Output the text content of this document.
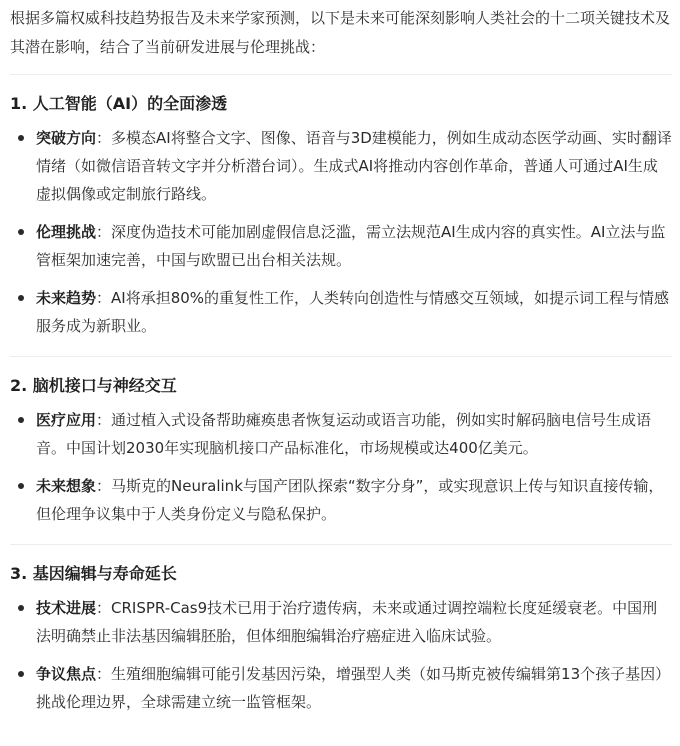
根据多篇权威科技趋势报告及未来学家预测，以下是未来可能深刻影响人类社会的十二项关键技术及其潜在影响，结合了当前研发进展与伦理挑战：

1. 人工智能（AI）的全面渗透
突破方向：多模态AI将整合文字、图像、语音与3D建模能力，例如生成动态医学动画、实时翻译情绪（如微信语音转文字并分析潜台词）。生成式AI将推动内容创作革命，普通人可通过AI生成虚拟偶像或定制旅行路线。
伦理挑战：深度伪造技术可能加剧虚假信息泛滥，需立法规范AI生成内容的真实性。AI立法与监管框架加速完善，中国与欧盟已出台相关法规。
未来趋势：AI将承担80%的重复性工作，人类转向创造性与情感交互领域，如提示词工程与情感服务成为新职业。
2. 脑机接口与神经交互
医疗应用：通过植入式设备帮助瘫痪患者恢复运动或语言功能，例如实时解码脑电信号生成语音。中国计划2030年实现脑机接口产品标准化，市场规模或达400亿美元。
未来想象：马斯克的Neuralink与国产团队探索“数字分身”，或实现意识上传与知识直接传输，但伦理争议集中于人类身份定义与隐私保护。
3. 基因编辑与寿命延长
技术进展：CRISPR-Cas9技术已用于治疗遗传病，未来或通过调控端粒长度延缓衰老。中国刑法明确禁止非法基因编辑胚胎，但体细胞编辑治疗癌症进入临床试验。
争议焦点：生殖细胞编辑可能引发基因污染，增强型人类（如马斯克被传编辑第13个孩子基因）挑战伦理边界，全球需建立统一监管框架。
